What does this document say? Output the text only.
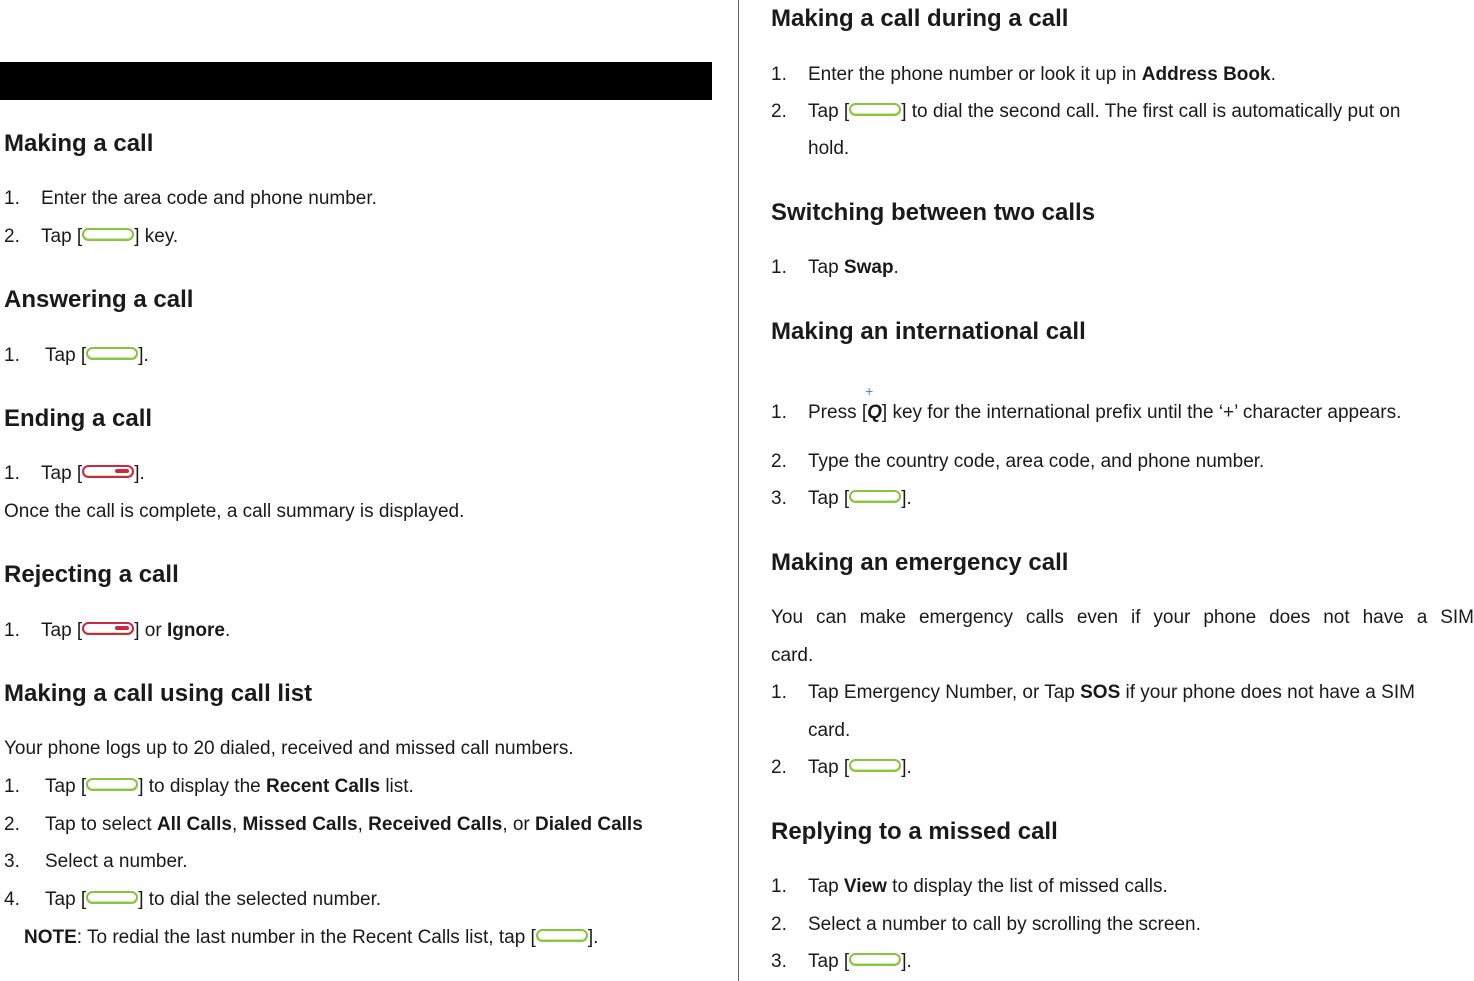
Making a call
1. Enter the area code and phone number.
2. Tap [	] key.
Answering a call
1. Tap [	].
Ending a call
1. Tap [	].
Once the call is complete, a call summary is displayed.
Rejecting a call
1. Tap [	] or Ignore.
Making a call using call list
Your phone logs up to 20 dialed, received and missed call numbers.
1. Tap [	] to display the Recent Calls list.
2. Tap to select All Calls, Missed Calls, Received Calls, or Dialed Calls
3. Select a number.
4. Tap [	] to dial the selected number.
NOTE: To redial the last number in the Recent Calls list, tap [	].
Making a call during a call
1. Enter the phone number or look it up in Address Book.
2. Tap [	] to dial the second call. The first call is automatically put on
hold.
Switching between two calls
1. Tap Swap.
Making an international call
1. Press [
+
Q] key for the international prefix until the ‘+’ character appears.
2. Type the country code, area code, and phone number.
3. Tap [	].
Making an emergency call
You can make emergency calls even if your phone does not have a SIM
card.
1. Tap Emergency Number, or Tap SOS if your phone does not have a SIM
card.
2. Tap [	].
Replying to a missed call
1. Tap View to display the list of missed calls.
2. Select a number to call by scrolling the screen.
3. Tap [	].
